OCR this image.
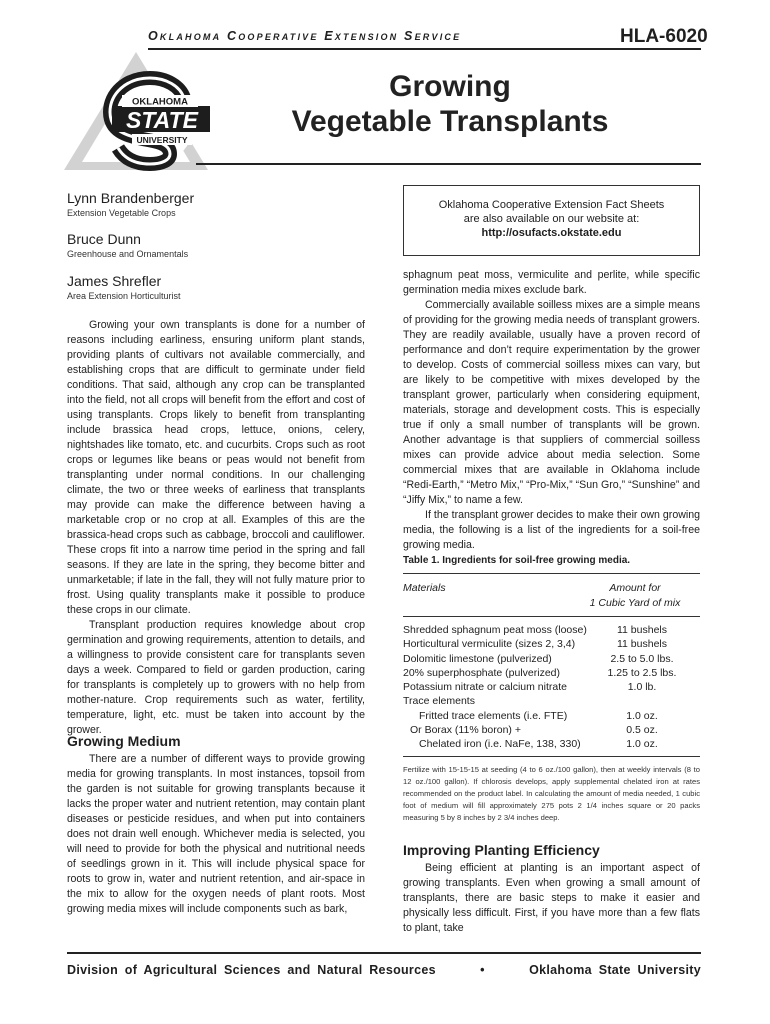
Oklahoma Cooperative Extension Service	HLA-6020
OKLAHOMA
STATE
UNIVERSITY
Growing
Vegetable Transplants
Lynn Brandenberger
Extension Vegetable Crops
Bruce Dunn
Greenhouse and Ornamentals
James Shrefler
Area Extension Horticulturist

Growing your own transplants is done for a number of reasons including earliness, ensuring uniform plant stands, providing plants of cultivars not available commercially, and establishing crops that are difficult to germinate under field conditions. That said, although any crop can be transplanted into the field, not all crops will benefit from the effort and cost of using transplants. Crops likely to benefit from transplanting include brassica head crops, lettuce, onions, celery, nightshades like tomato, etc. and cucurbits. Crops such as root crops or legumes like beans or peas would not benefit from transplanting under normal conditions. In our challenging climate, the two or three weeks of earliness that transplants may provide can make the difference between having a marketable crop or no crop at all. Examples of this are the brassica-head crops such as cabbage, broccoli and cauliflower. These crops fit into a narrow time period in the spring and fall seasons. If they are late in the spring, they become bitter and unmarketable; if late in the fall, they will not fully mature prior to frost. Using quality transplants make it possible to produce these crops in our climate.

Transplant production requires knowledge about crop germination and growing requirements, attention to details, and a willingness to provide consistent care for transplants seven days a week. Compared to field or garden production, caring for transplants is completely up to growers with no help from mother-nature. Crop requirements such as water, fertility, temperature, light, etc. must be taken into account by the grower.

Growing Medium

There are a number of different ways to provide growing media for growing transplants. In most instances, topsoil from the garden is not suitable for growing transplants because it lacks the proper water and nutrient retention, may contain plant diseases or pesticide residues, and when put into containers does not drain well enough. Whichever media is selected, you will need to provide for both the physical and nutritional needs of seedlings grown in it. This will include physical space for roots to grow in, water and nutrient retention, and air-space in the mix to allow for the oxygen needs of plant roots. Most growing media mixes will include components such as bark,

Oklahoma Cooperative Extension Fact Sheets
are also available on our website at:
http://osufacts.okstate.edu

sphagnum peat moss, vermiculite and perlite, while specific germination media mixes exclude bark.

Commercially available soilless mixes are a simple means of providing for the growing media needs of transplant growers. They are readily available, usually have a proven record of performance and don’t require experimentation by the grower to develop. Costs of commercial soilless mixes can vary, but are likely to be competitive with mixes developed by the transplant grower, particularly when considering equipment, materials, storage and development costs. This is especially true if only a small number of transplants will be grown. Another advantage is that suppliers of commercial soilless mixes can provide advice about media selection. Some commercial mixes that are available in Oklahoma include “Redi-Earth,” “Metro Mix,” “Pro-Mix,” “Sun Gro,” “Sunshine” and “Jiffy Mix,” to name a few.

If the transplant grower decides to make their own growing media, the following is a list of the ingredients for a soil-free growing media.

Table 1. Ingredients for soil-free growing media.
Materials	Amount for
1 Cubic Yard of mix
Shredded sphagnum peat moss (loose)	11 bushels
Horticultural vermiculite (sizes 2, 3,4)	11 bushels
Dolomitic limestone (pulverized)	2.5 to 5.0 lbs.
20% superphosphate (pulverized)	1.25 to 2.5 lbs.
Potassium nitrate or calcium nitrate	1.0 lb.
Trace elements
Fritted trace elements (i.e. FTE)	1.0 oz.
Or Borax (11% boron) +	0.5 oz.
Chelated iron (i.e. NaFe, 138, 330)	1.0 oz.
Fertilize with 15-15-15 at seeding (4 to 6 oz./100 gallon), then at weekly intervals (8 to 12 oz./100 gallon). If chlorosis develops, apply supplemental chelated iron at rates recommended on the product label. In calculating the amount of media needed, 1 cubic foot of medium will fill approximately 275 pots 2 1/4 inches square or 20 packs measuring 5 by 8 inches by 2 3/4 inches deep.
Improving Planting Efficiency

Being efficient at planting is an important aspect of growing transplants. Even when growing a small amount of transplants, there are basic steps to make it easier and physically less difficult. First, if you have more than a few flats to plant, take

Division of Agricultural Sciences and Natural Resources	•	Oklahoma State University
